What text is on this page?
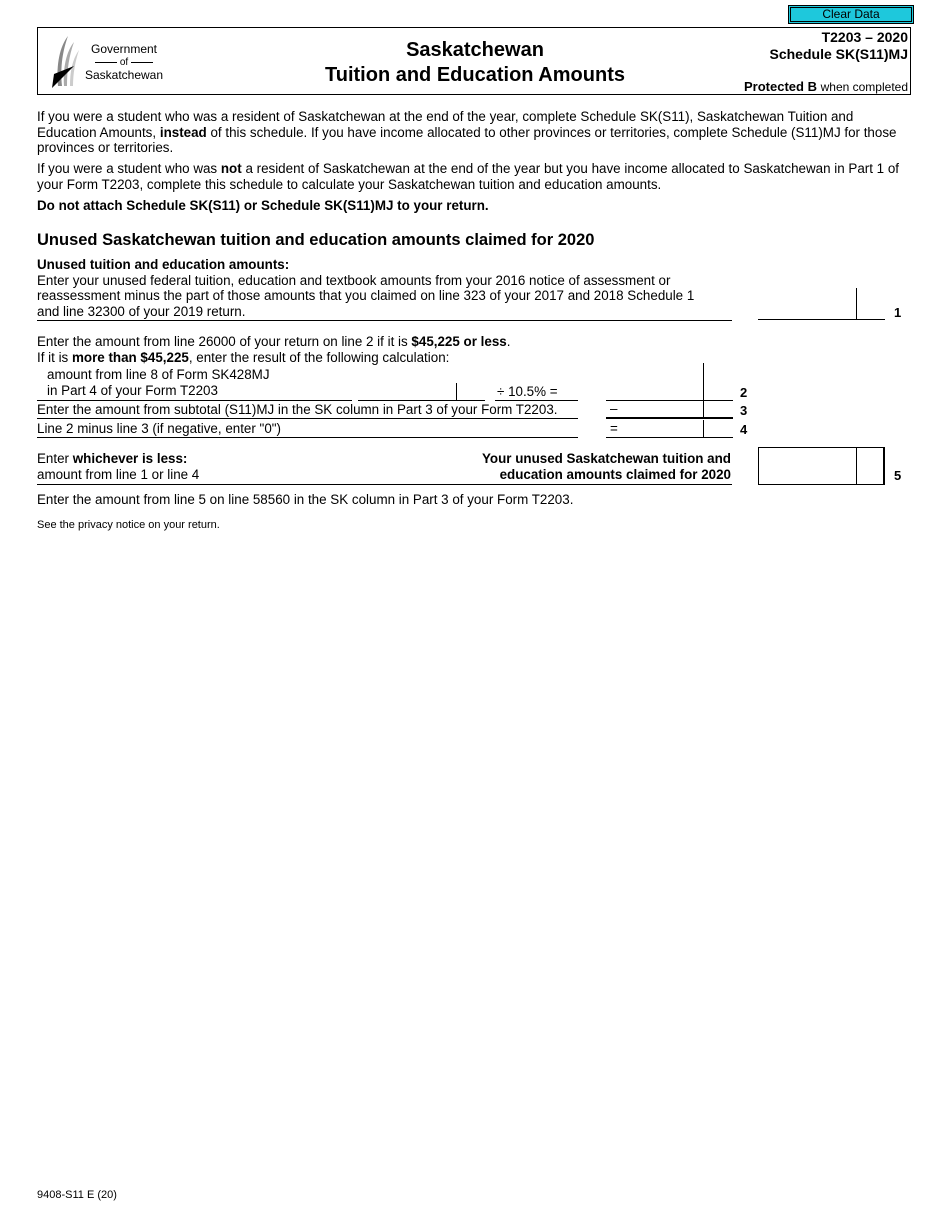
Clear Data
Government
of
Saskatchewan
Saskatchewan
Tuition and Education Amounts
T2203 – 2020
Schedule SK(S11)MJ
Protected B when completed
If you were a student who was a resident of Saskatchewan at the end of the year, complete Schedule SK(S11), Saskatchewan Tuition and Education Amounts, instead of this schedule. If you have income allocated to other provinces or territories, complete Schedule (S11)MJ for those provinces or territories.
If you were a student who was not a resident of Saskatchewan at the end of the year but you have income allocated to Saskatchewan in Part 1 of your Form T2203, complete this schedule to calculate your Saskatchewan tuition and education amounts.
Do not attach Schedule SK(S11) or Schedule SK(S11)MJ to your return.
Unused Saskatchewan tuition and education amounts claimed for 2020
Unused tuition and education amounts:
Enter your unused federal tuition, education and textbook amounts from your 2016 notice of assessment or
reassessment minus the part of those amounts that you claimed on line 323 of your 2017 and 2018 Schedule 1
and line 32300 of your 2019 return.	1
Enter the amount from line 26000 of your return on line 2 if it is $45,225 or less.
If it is more than $45,225, enter the result of the following calculation:
amount from line 8 of Form SK428MJ
in Part 4 of your Form T2203	÷ 10.5% =	2
Enter the amount from subtotal (S11)MJ in the SK column in Part 3 of your Form T2203.	–	3
Line 2 minus line 3 (if negative, enter "0")	=	4
Enter whichever is less:
amount from line 1 or line 4
Your unused Saskatchewan tuition and
education amounts claimed for 2020	5
Enter the amount from line 5 on line 58560 in the SK column in Part 3 of your Form T2203.
See the privacy notice on your return.
9408-S11 E (20)
